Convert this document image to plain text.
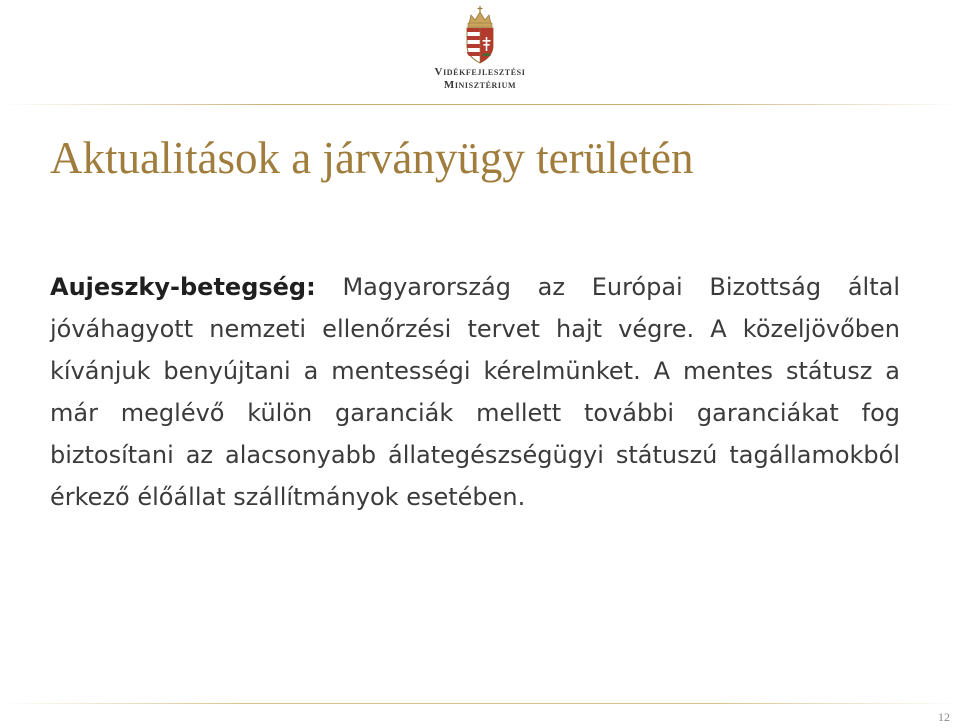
Vidékfejlesztési
Minisztérium
Aktualitások a járványügy területén

Aujeszky-betegség: Magyarország az Európai Bizottság által jóváhagyott nemzeti ellenőrzési tervet hajt végre. A közeljövőben kívánjuk benyújtani a mentességi kérelmünket. A mentes státusz a már meglévő külön garanciák mellett további garanciákat fog biztosítani az alacsonyabb állategészségügyi státuszú tagállamokból érkező élőállat szállítmányok esetében.

12
